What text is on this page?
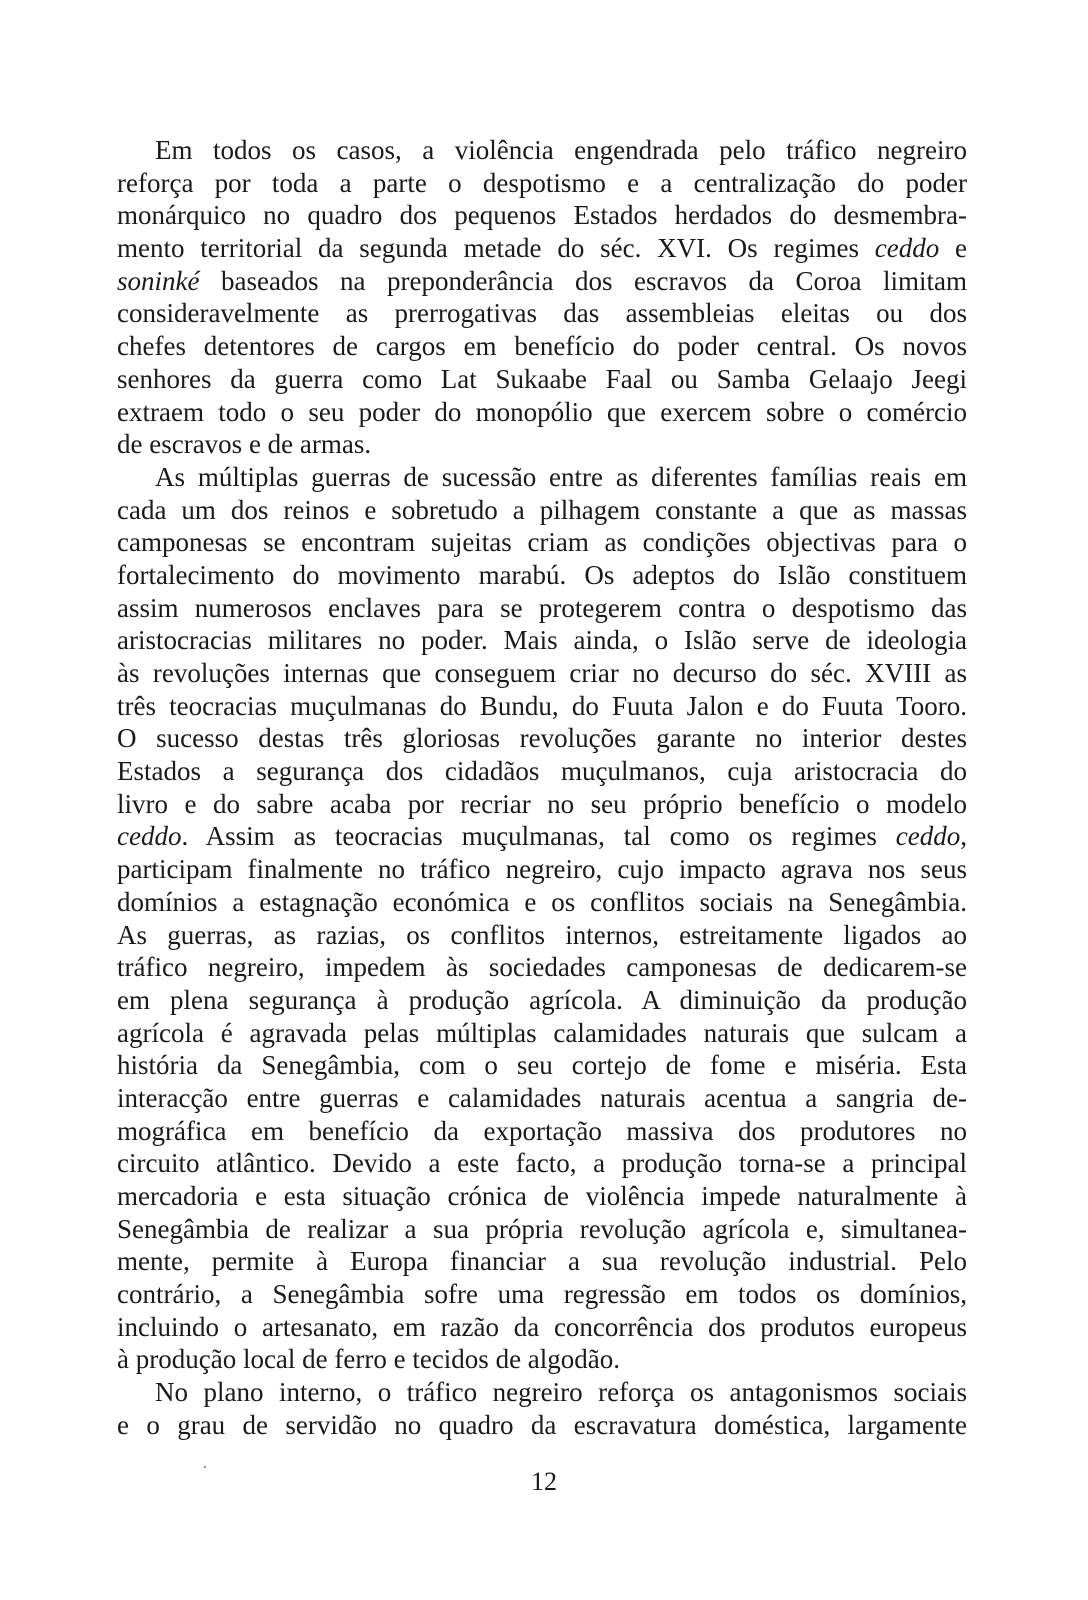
Em todos os casos, a violência engendrada pelo tráfico negreiro
reforça por toda a parte o despotismo e a centralização do poder
monárquico no quadro dos pequenos Estados herdados do desmembra-
mento territorial da segunda metade do séc. XVI. Os regimes ceddo e
soninké baseados na preponderância dos escravos da Coroa limitam
consideravelmente as prerrogativas das assembleias eleitas ou dos
chefes detentores de cargos em benefício do poder central. Os novos
senhores da guerra como Lat Sukaabe Faal ou Samba Gelaajo Jeegi
extraem todo o seu poder do monopólio que exercem sobre o comércio
de escravos e de armas.
As múltiplas guerras de sucessão entre as diferentes famílias reais em
cada um dos reinos e sobretudo a pilhagem constante a que as massas
camponesas se encontram sujeitas criam as condições objectivas para o
fortalecimento do movimento marabú. Os adeptos do Islão constituem
assim numerosos enclaves para se protegerem contra o despotismo das
aristocracias militares no poder. Mais ainda, o Islão serve de ideologia
às revoluções internas que conseguem criar no decurso do séc. XVIII as
três teocracias muçulmanas do Bundu, do Fuuta Jalon e do Fuuta Tooro.
O sucesso destas três gloriosas revoluções garante no interior destes
Estados a segurança dos cidadãos muçulmanos, cuja aristocracia do
livro e do sabre acaba por recriar no seu próprio benefício o modelo
ceddo. Assim as teocracias muçulmanas, tal como os regimes ceddo,
participam finalmente no tráfico negreiro, cujo impacto agrava nos seus
domínios a estagnação económica e os conflitos sociais na Senegâmbia.
As guerras, as razias, os conflitos internos, estreitamente ligados ao
tráfico negreiro, impedem às sociedades camponesas de dedicarem-se
em plena segurança à produção agrícola. A diminuição da produção
agrícola é agravada pelas múltiplas calamidades naturais que sulcam a
história da Senegâmbia, com o seu cortejo de fome e miséria. Esta
interacção entre guerras e calamidades naturais acentua a sangria de-
mográfica em benefício da exportação massiva dos produtores no
circuito atlântico. Devido a este facto, a produção torna-se a principal
mercadoria e esta situação crónica de violência impede naturalmente à
Senegâmbia de realizar a sua própria revolução agrícola e, simultanea-
mente, permite à Europa financiar a sua revolução industrial. Pelo
contrário, a Senegâmbia sofre uma regressão em todos os domínios,
incluindo o artesanato, em razão da concorrência dos produtos europeus
à produção local de ferro e tecidos de algodão.
No plano interno, o tráfico negreiro reforça os antagonismos sociais
e o grau de servidão no quadro da escravatura doméstica, largamente
12
